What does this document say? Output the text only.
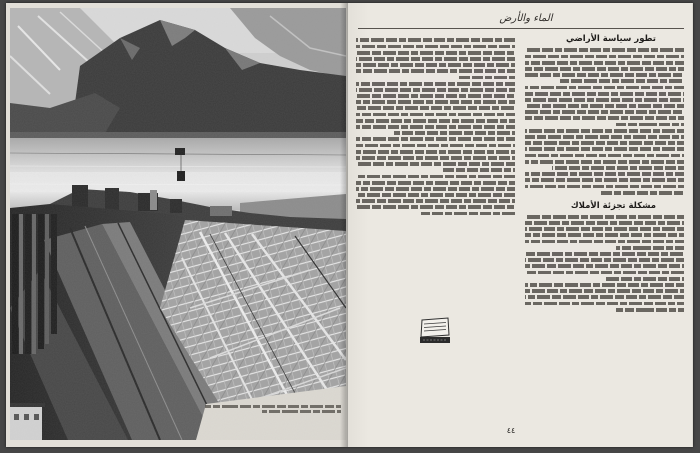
الماء والأرض
تطور سياسة الأراضي
مشكلة تجزئة الأملاك
٤٤
